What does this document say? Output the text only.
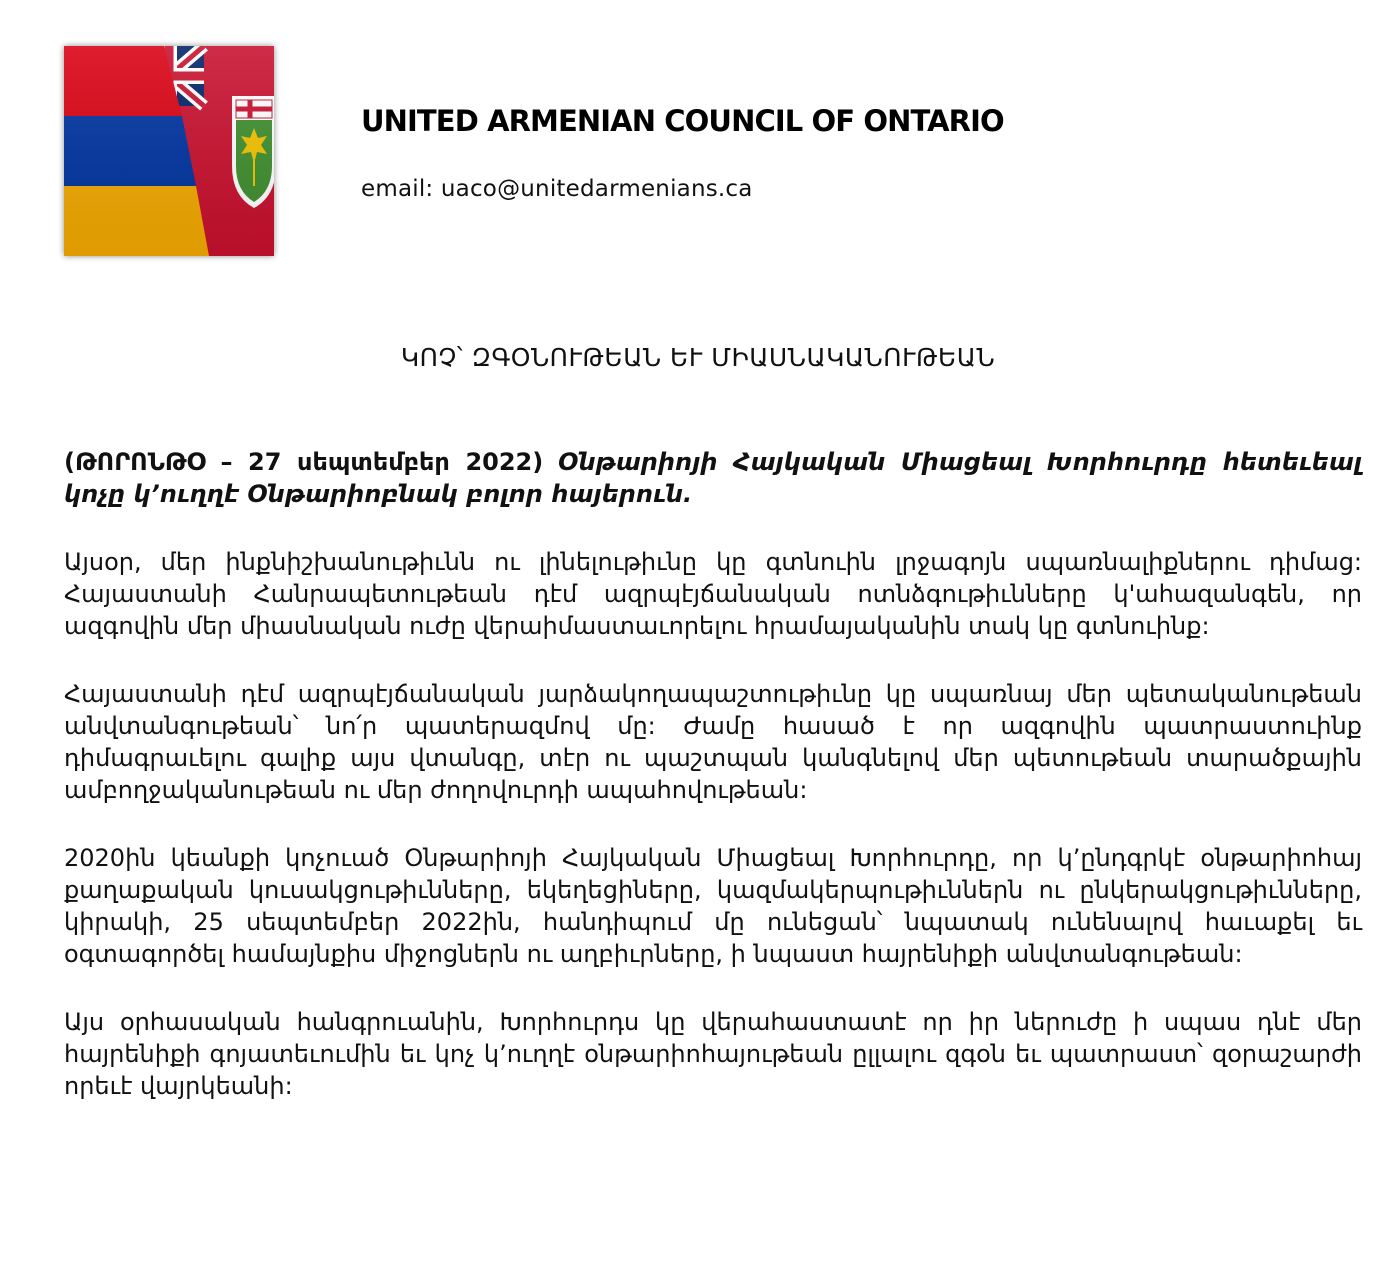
UNITED ARMENIAN COUNCIL OF ONTARIO
email: uaco@unitedarmenians.ca
ԿՈՉ՝ ԶԳՕՆՈՒԹԵԱՆ ԵՒ ՄԻԱՍՆԱԿԱՆՈՒԹԵԱՆ

(ԹՈՐՈՆԹՕ – 27 սեպտեմբեր 2022) Օնթարիոյի Հայկական Միացեալ Խորհուրդը հետեւեալ կոչը կ’ուղղէ Օնթարիոբնակ բոլոր հայերուն.

Այսօր, մեր ինքնիշխանութիւնն ու լինելութիւնը կը գտնուին լրջագոյն սպառնալիքներու դիմաց: Հայաստանի Հանրապետութեան դէմ ազրպէյճանական ոտնձգութիւնները կ'ահազանգեն, որ ազգովին մեր միասնական ուժը վերաիմաստաւորելու հրամայականին տակ կը գտնուինք:

Հայաստանի դէմ ազրպէյճանական յարձակողապաշտութիւնը կը սպառնայ մեր պետականութեան անվտանգութեան՝ նո՛ր պատերազմով մը: Ժամը հասած է որ ազգովին պատրաստուինք դիմագրաւելու գալիք այս վտանգը, տէր ու պաշտպան կանգնելով մեր պետութեան տարածքային ամբողջականութեան ու մեր ժողովուրդի ապահովութեան:

2020ին կեանքի կոչուած Օնթարիոյի Հայկական Միացեալ Խորհուրդը, որ կ’ընդգրկէ օնթարիոհայ քաղաքական կուսակցութիւնները, եկեղեցիները, կազմակերպութիւններն ու ընկերակցութիւնները, կիրակի, 25 սեպտեմբեր 2022ին, հանդիպում մը ունեցան՝ նպատակ ունենալով հաւաքել եւ օգտագործել համայնքիս միջոցներն ու աղբիւրները, ի նպաստ հայրենիքի անվտանգութեան:

Այս օրհասական հանգրուանին, Խորհուրդս կը վերահաստատէ որ իր ներուժը ի սպաս դնէ մեր հայրենիքի գոյատեւումին եւ կոչ կ’ուղղէ օնթարիոհայութեան ըլլալու զգօն եւ պատրաստ՝ զօրաշարժի որեւէ վայրկեանի:
